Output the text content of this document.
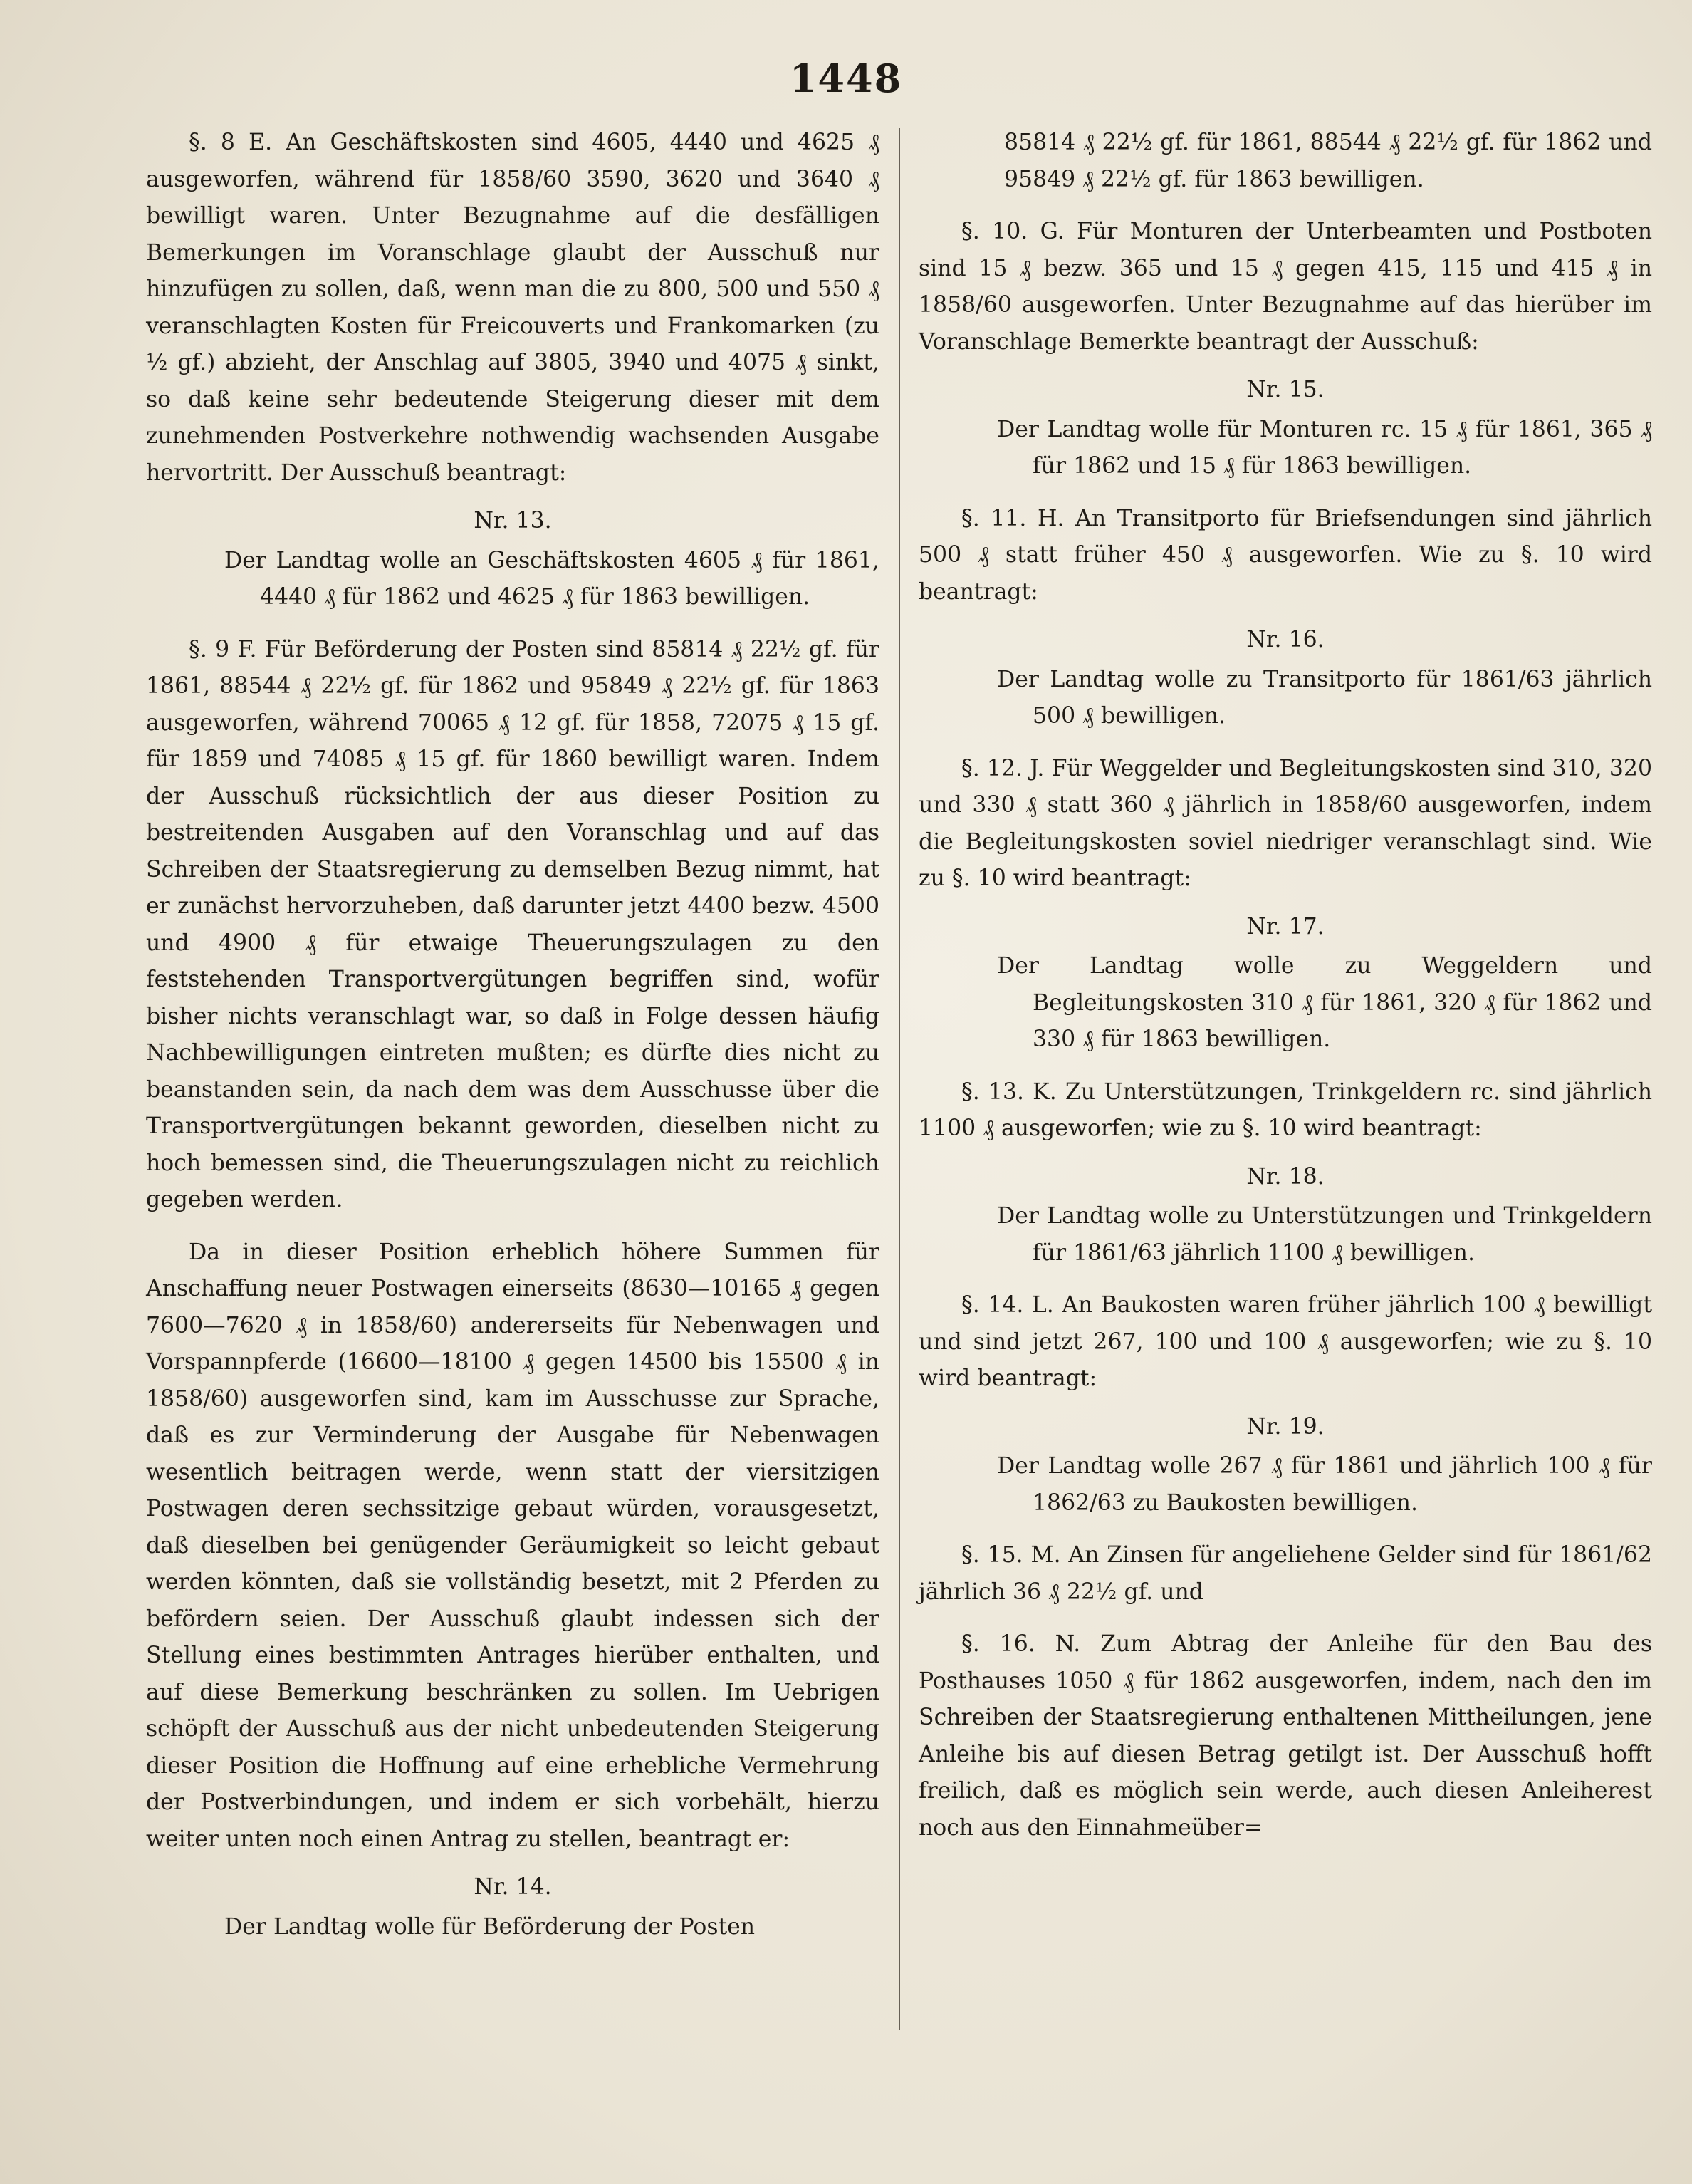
1448

§. 8 E. An Geschäftskosten sind 4605, 4440 und 4625 ₰ ausgeworfen, während für 1858/60 3590, 3620 und 3640 ₰ bewilligt waren. Unter Bezugnahme auf die desfälligen Bemerkungen im Voranschlage glaubt der Ausschuß nur hinzufügen zu sollen, daß, wenn man die zu 800, 500 und 550 ₰ veranschlagten Kosten für Freicouverts und Frankomarken (zu ½ gf.) abzieht, der Anschlag auf 3805, 3940 und 4075 ₰ sinkt, so daß keine sehr bedeutende Steigerung dieser mit dem zunehmenden Postverkehre nothwendig wachsenden Ausgabe hervortritt. Der Ausschuß beantragt:

Nr. 13.

Der Landtag wolle an Geschäftskosten 4605 ₰ für 1861, 4440 ₰ für 1862 und 4625 ₰ für 1863 bewilligen.

§. 9 F. Für Beförderung der Posten sind 85814 ₰ 22½ gf. für 1861, 88544 ₰ 22½ gf. für 1862 und 95849 ₰ 22½ gf. für 1863 ausgeworfen, während 70065 ₰ 12 gf. für 1858, 72075 ₰ 15 gf. für 1859 und 74085 ₰ 15 gf. für 1860 bewilligt waren. Indem der Ausschuß rücksichtlich der aus dieser Position zu bestreitenden Ausgaben auf den Voranschlag und auf das Schreiben der Staatsregierung zu demselben Bezug nimmt, hat er zunächst hervorzuheben, daß darunter jetzt 4400 bezw. 4500 und 4900 ₰ für etwaige Theuerungszulagen zu den feststehenden Transportvergütungen begriffen sind, wofür bisher nichts veranschlagt war, so daß in Folge dessen häufig Nachbewilligungen eintreten mußten; es dürfte dies nicht zu beanstanden sein, da nach dem was dem Ausschusse über die Transportvergütungen bekannt geworden, dieselben nicht zu hoch bemessen sind, die Theuerungszulagen nicht zu reichlich gegeben werden.

Da in dieser Position erheblich höhere Summen für Anschaffung neuer Postwagen einerseits (8630—10165 ₰ gegen 7600—7620 ₰ in 1858/60) andererseits für Nebenwagen und Vorspannpferde (16600—18100 ₰ gegen 14500 bis 15500 ₰ in 1858/60) ausgeworfen sind, kam im Ausschusse zur Sprache, daß es zur Verminderung der Ausgabe für Nebenwagen wesentlich beitragen werde, wenn statt der viersitzigen Postwagen deren sechssitzige gebaut würden, vorausgesetzt, daß dieselben bei genügender Geräumigkeit so leicht gebaut werden könnten, daß sie vollständig besetzt, mit 2 Pferden zu befördern seien. Der Ausschuß glaubt indessen sich der Stellung eines bestimmten Antrages hierüber enthalten, und auf diese Bemerkung beschränken zu sollen. Im Uebrigen schöpft der Ausschuß aus der nicht unbedeutenden Steigerung dieser Position die Hoffnung auf eine erhebliche Vermehrung der Postverbindungen, und indem er sich vorbehält, hierzu weiter unten noch einen Antrag zu stellen, beantragt er:

Nr. 14.

Der Landtag wolle für Beförderung der Posten

85814 ₰ 22½ gf. für 1861, 88544 ₰ 22½ gf. für 1862 und 95849 ₰ 22½ gf. für 1863 bewilligen.

§. 10. G. Für Monturen der Unterbeamten und Postboten sind 15 ₰ bezw. 365 und 15 ₰ gegen 415, 115 und 415 ₰ in 1858/60 ausgeworfen. Unter Bezugnahme auf das hierüber im Voranschlage Bemerkte beantragt der Ausschuß:

Nr. 15.

Der Landtag wolle für Monturen rc. 15 ₰ für 1861, 365 ₰ für 1862 und 15 ₰ für 1863 bewilligen.

§. 11. H. An Transitporto für Briefsendungen sind jährlich 500 ₰ statt früher 450 ₰ ausgeworfen. Wie zu §. 10 wird beantragt:

Nr. 16.

Der Landtag wolle zu Transitporto für 1861/63 jährlich 500 ₰ bewilligen.

§. 12. J. Für Weggelder und Begleitungskosten sind 310, 320 und 330 ₰ statt 360 ₰ jährlich in 1858/60 ausgeworfen, indem die Begleitungskosten soviel niedriger veranschlagt sind. Wie zu §. 10 wird beantragt:

Nr. 17.

Der Landtag wolle zu Weggeldern und Begleitungskosten 310 ₰ für 1861, 320 ₰ für 1862 und 330 ₰ für 1863 bewilligen.

§. 13. K. Zu Unterstützungen, Trinkgeldern rc. sind jährlich 1100 ₰ ausgeworfen; wie zu §. 10 wird beantragt:

Nr. 18.

Der Landtag wolle zu Unterstützungen und Trinkgeldern für 1861/63 jährlich 1100 ₰ bewilligen.

§. 14. L. An Baukosten waren früher jährlich 100 ₰ bewilligt und sind jetzt 267, 100 und 100 ₰ ausgeworfen; wie zu §. 10 wird beantragt:

Nr. 19.

Der Landtag wolle 267 ₰ für 1861 und jährlich 100 ₰ für 1862/63 zu Baukosten bewilligen.

§. 15. M. An Zinsen für angeliehene Gelder sind für 1861/62 jährlich 36 ₰ 22½ gf. und

§. 16. N. Zum Abtrag der Anleihe für den Bau des Posthauses 1050 ₰ für 1862 ausgeworfen, indem, nach den im Schreiben der Staatsregierung enthaltenen Mittheilungen, jene Anleihe bis auf diesen Betrag getilgt ist. Der Ausschuß hofft freilich, daß es möglich sein werde, auch diesen Anleiherest noch aus den Einnahmeüber=
